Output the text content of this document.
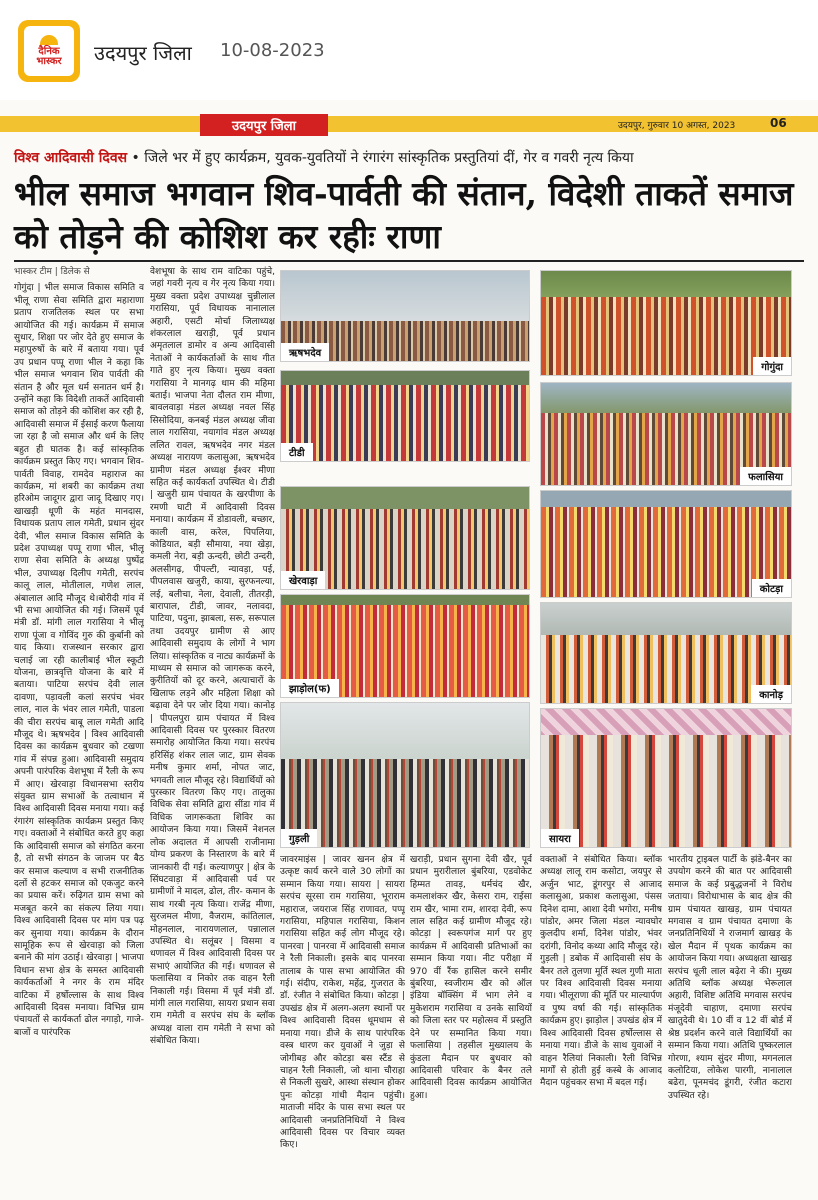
दैनिक
भास्कर उदयपुर जिला 10-08-2023
उदयपुर जिला	उदयपुर, गुरुवार 10 अगस्त, 2023	06
विश्व आदिवासी दिवस • जिले भर में हुए कार्यक्रम, युवक-युवतियों ने रंगारंग सांस्कृतिक प्रस्तुतियां दीं, गेर व गवरी नृत्य किया
भील समाज भगवान शिव-पार्वती की संतान, विदेशी ताकतें समाज को तोड़ने की कोशिश कर रहीः राणा
भास्कर टीम | डिलेक से

गोगुंदा | भील समाज विकास समिति व भीलू राणा सेवा समिति द्वारा महाराणा प्रताप राजतिलक स्थल पर सभा आयोजित की गई। कार्यक्रम में समाज सुधार, शिक्षा पर जोर देते हुए समाज के महापुरुषों के बारे में बताया गया। पूर्व उप प्रधान पप्पू राणा भील ने कहा कि भील समाज भगवान शिव पार्वती की संतान है और मूल धर्म सनातन धर्म है। उन्होंने कहा कि विदेशी ताकतें आदिवासी समाज को तोड़ने की कोशिश कर रही है, आदिवासी समाज में ईसाई करण फैलाया जा रहा है जो समाज और धर्म के लिए बहुत ही घातक है। कई सांस्कृतिक कार्यक्रम प्रस्तुत किए गए। भगवान शिव-पार्वती विवाह, रामदेव महाराज का कार्यक्रम, मां शबरी का कार्यक्रम तथा हरिओम जादूगर द्वारा जादू दिखाए गए। खाखड़ी धूणी के महंत मानदास, विधायक प्रताप लाल गमेती, प्रधान सुंदर देवी, भील समाज विकास समिति के प्रदेश उपाध्यक्ष पप्पू राणा भील, भीलू राणा सेवा समिति के अध्यक्ष पुष्पेंद्र भील, उपाध्यक्ष दिलीप गमेती, सरपंच कालू लाल, मोतीलाल, गणेश लाल, अंबालाल आदि मौजूद थे।बोरीदी गांव में भी सभा आयोजित की गई। जिसमें पूर्व मंत्री डॉ. मांगी लाल गरासिया ने भीलू राणा पूंजा व गोविंद गुरु की कुर्बानी को याद किया। राजस्थान सरकार द्वारा चलाई जा रही कालीबाई भील स्कूटी योजना, छात्रवृत्ति योजना के बारे में बताया। पाटिया सरपंच देवी लाल दावणा, पड़ावली कलां सरपंच भंवर लाल, नाल के भंवर लाल गमेती, पाडला की चीरा सरपंच बाबू लाल गमेती आदि मौजूद थे। ऋषभदेव | विश्व आदिवासी दिवस का कार्यक्रम बुधवार को टखणा गांव में संपन्न हुआ। आदिवासी समुदाय अपनी पारंपरिक वेशभूषा में रैली के रूप में आए। खेरवाड़ा विधानसभा स्तरीय संयुक्त ग्राम सभाओं के तत्वाधान में विश्व आदिवासी दिवस मनाया गया। कई रंगारंग सांस्कृतिक कार्यक्रम प्रस्तुत किए गए। वक्ताओं ने संबोधित करते हुए कहा कि आदिवासी समाज को संगठित करना है, तो सभी संगठन के जाजम पर बैठ कर समाज कल्याण व सभी राजनीतिक दलों से हटकर समाज को एकजुट करने का प्रयास करें। रुढ़िगत ग्राम सभा को मजबूत करने का संकल्प लिया गया। विश्व आदिवासी दिवस पर मांग पत्र पढ़ कर सुनाया गया। कार्यक्रम के दौरान सामूहिक रूप से खेरवाड़ा को जिला बनाने की मांग उठाई। खेरवाड़ा | भाजपा विधान सभा क्षेत्र के समस्त आदिवासी कार्यकर्ताओं ने नगर के राम मंदिर वाटिका में हर्षोल्लास के साथ विश्व आदिवासी दिवस मनाया। विभिन्न ग्राम पंचायतों से कार्यकर्ता ढोल नगाड़ो, गाजे-बाजों व पारंपरिक

वेशभूषा के साथ राम वाटिका पहुंचे, जहां गवरी नृत्य व गेर नृत्य किया गया। मुख्य वक्ता प्रदेश उपाध्यक्ष चुन्नीलाल गरासिया, पूर्व विधायक नानालाल अहारी, एसटी मोर्चा जिलाध्यक्ष शंकरलाल खराड़ी, पूर्व प्रधान अमृतलाल डामोर व अन्य आदिवासी नेताओं ने कार्यकर्ताओं के साथ गीत गाते हुए नृत्य किया। मुख्य वक्ता गरासिया ने मानगढ़ धाम की महिमा बताई। भाजपा नेता दौलत राम मीणा, बावलवाड़ा मंडल अध्यक्ष नवल सिंह सिसोदिया, कनबई मंडल अध्यक्ष जीवा लाल गरासिया, नयागांव मंडल अध्यक्ष ललित रावल, ऋषभदेव नगर मंडल अध्यक्ष नारायण कलासुआ, ऋषभदेव ग्रामीण मंडल अध्यक्ष ईश्वर मीणा सहित कई कार्यकर्ता उपस्थित थे। टीडी | खजुरी ग्राम पंचायत के खरपीणा के रमणी घाटी में आदिवासी दिवस मनाया। कार्यक्रम में डोडावली, बच्छार, काली वास, करेल, पिपलिया, कोडियात, बड़ी सौमाया, नया खेड़ा, कमली नेरा, बड़ी ऊन्दरी, छोटी उन्दरी, अलसीगढ़, पीपल्टी, न्यावड़ा, पई, पीपलवास खजुरी, काया, सुरफनल्या, लई, बलीचा, नेला, देवाली, तीतरड़ी, बारापाल, टीडी, जावर, नलावदा, पाटिया, पदुना, झाबला, सरू, सरूपाल तथा उदयपुर ग्रामीण से आए आदिवासी समुदाय के लोगों ने भाग लिया। सांस्कृतिक व नाट्य कार्यक्रमों के माध्यम से समाज को जागरूक करने, कुरीतियों को दूर करने, अत्याचारों के खिलाफ लड़ने और महिला शिक्षा को बढ़ावा देने पर जोर दिया गया। कानोड़ | पीपलपुरा ग्राम पंचायत में विश्व आदिवासी दिवस पर पुरस्कार वितरण समारोह आयोजित किया गया। सरपंच हरिसिंह शंकर लाल जाट, ग्राम सेवक मनीष कुमार शर्मा, नोपत जाट, भगवती लाल मौजूद रहे। विद्यार्थियों को पुरस्कार वितरण किए गए। तालुका विधिक सेवा समिति द्वारा सींडा गांव में विधिक जागरूकता शिविर का आयोजन किया गया। जिसमें नेशनल लोक अदालत में आपसी राजीनामा योग्य प्रकरण के निस्तारण के बारे में जानकारी दी गई। कल्याणपुर | क्षेत्र के सिंघटवाड़ा में आदिवासी पर्व पर ग्रामीणों ने मादल, ढोल, तीर- कमान के साथ गरबी नृत्य किया। राजेंद्र मीणा, सुरजमल मीणा, वैजराम, कांतिलाल, मोहनलाल, नारायणलाल, पन्नालाल उपस्थित थे। सलूंबर | विसमा व धणावल में विश्व आदिवासी दिवस पर सभाएं आयोजित की गई। धणावल से फलासिया व निकोर तक वाहन रैली निकाली गई। विसमा में पूर्व मंत्री डॉ. मांगी लाल गरासिया, सायरा प्रधान सवा राम गमेती व सरपंच संघ के ब्लॉक अध्यक्ष वाला राम गमेती ने सभा को संबोधित किया।

ऋषभदेव
गोगुंदा
टीडी
फलासिया
खेरवाड़ा
कोटड़ा
झाड़ोल(फ)
कानोड़
गुड़ली	सायरा

जावरमाइंस | जावर खनन क्षेत्र में उत्कृष्ट कार्य करने वाले 30 लोगों का सम्मान किया गया। सायरा | सायरा सरपंच सूरसा राम गरासिया, भूराराम महाराज, जयराज सिंह राणावत, पप्पू गरासिया, महिपाल गरासिया, किशन गरासिया सहित कई लोग मौजूद रहे। पानरवा | पानरवा में आदिवासी समाज ने रैली निकाली। इसके बाद पानरवा तालाब के पास सभा आयोजित की गई। संदीप, राकेश, महेंद्र, गुजरात के डॉ. रंजीत ने संबोधित किया। कोटड़ा | उपखंड क्षेत्र में अलग-अलग स्थानों पर विश्व आदिवासी दिवस धूमधाम से मनाया गया। डीजे के साथ पारंपरिक वस्त्र धारण कर युवाओं ने जुड़ा से जोगीबड़ और कोटड़ा बस स्टैंड से चाहन रैली निकाली, जो थाना चौराहा से निकली सुखरे, आस्था संस्थान होकर पुनः कोटड़ा गांधी मैदान पहुंची। माताजी मंदिर के पास सभा स्थल पर आदिवासी जनप्रतिनिधियों ने विश्व आदिवासी दिवस पर विचार व्यक्त किए।

खराड़ी, प्रधान सुगना देवी खैर, पूर्व प्रधान मुरारीलाल बुंबरिया, एडवोकेट हिम्मत तावड़, धर्मचंद खैर, कमलाशंकर खैर, केसरा राम, राईसा राम खैर, भामा राम, शारदा देवी, रूप लाल सहित कई ग्रामीण मौजूद रहे। कोटड़ा | स्वरूपगंज मार्ग पर हुए कार्यक्रम में आदिवासी प्रतिभाओं का सम्मान किया गया। नीट परीक्षा में 970 वीं रैंक हासिल करने समीर बुंबरिया, स्वजीराम खैर को ऑल इंडिया बॉक्सिंग में भाग लेने व मुकेशराम गरासिया व उनके साथियों को जिला स्तर पर महोत्सव में प्रस्तुति देने पर सम्मानित किया गया। फलासिया | तहसील मुख्यालय के कुंडला मैदान पर बुधवार को आदिवासी परिवार के बैनर तले आदिवासी दिवस कार्यक्रम आयोजित हुआ।

वक्ताओं ने संबोधित किया। ब्लॉक अध्यक्ष लालू राम कसोटा, जयपुर से अर्जुन भाट, डूंगरपुर से आजाद कलासुआ, प्रकाश कलासुआ, पंसस दिनेश दामा, आशा देवी भगोरा, मनीष पांडोर, अमर जिला मंडल न्यावघोर कुलदीप शर्मा, दिनेश पांडोर, भंवर दरांगी, विनोद कथ्या आदि मौजूद रहे। गुड़ली | डबोक में आदिवासी संघ के बैनर तले तुलणा मूर्ति स्थल गुणी माता पर विश्व आदिवासी दिवस मनाया गया। भीलूराणा की मूर्ति पर माल्यार्पण व पुष्प वर्षा की गई। सांस्कृतिक कार्यक्रम हुए। झाड़ोल | उपखंड क्षेत्र में विश्व आदिवासी दिवस हर्षोल्लास से मनाया गया। डीजे के साथ युवाओं ने वाहन रैलियां निकाली। रैली विभिन्न मार्गों से होती हुई कस्बे के आजाद मैदान पहुंचकर सभा में बदल गई।

भारतीय ट्राइबल पार्टी के झंडे-बैनर का उपयोग करने की बात पर आदिवासी समाज के कई प्रबुद्धजनों ने विरोध जताया। विरोधाभास के बाद क्षेत्र की ग्राम पंचायत खाखड़, ग्राम पंचायत मगवास व ग्राम पंचायत दमाणा के जनप्रतिनिधियों ने राजमार्ग खाखड़ के खेल मैदान में पृथक कार्यक्रम का आयोजन किया गया। अध्यक्षता खाखड़ सरपंच धूली लाल बढ़ेरा ने की। मुख्य अतिथि ब्लॉक अध्यक्ष भेरूलाल अहारी, विशिष्ट अतिथि मगवास सरपंच मंजूदेवी चाहाण, दमाणा सरपंच खातुदेवी थे। 10 वीं व 12 वीं बोर्ड में श्रेष्ठ प्रदर्शन करने वाले विद्यार्थियों का सम्मान किया गया। अतिथि पुष्करलाल गोरणा, श्याम सुंदर मीणा, मगनलाल कलोटिया, लोकेश पारगी, नानालाल बढेरा, पूनमचंद डूंगरी, रंजीत कटारा उपस्थित रहे।
